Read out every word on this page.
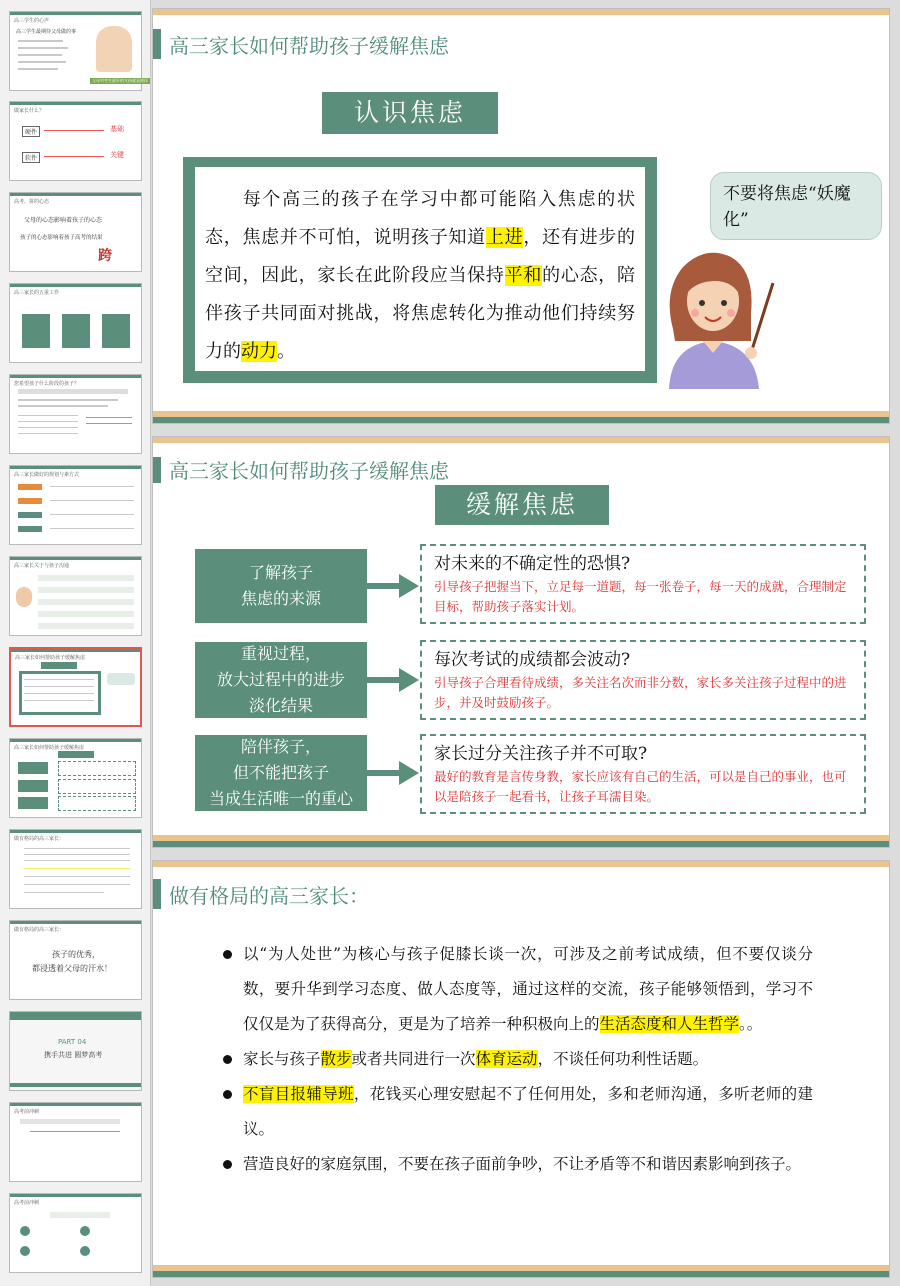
高三学生的心声
高三学生最期待父母做的事
父母对考生最好的支持就是陪伴
做家长什么？
硬件
软件
基础
关键
高考、拼的心态
父母的心态影响着孩子的心态
孩子的心态影响着孩子高考的结果
跨
高三家长的五重工作
您希望孩子什么阶段的孩子？
高三家长做好的规划与素方式
高三家长关于与孩子沟通
高三家长如何帮助孩子缓解焦虑
高三家长如何帮助孩子缓解焦虑
做有格局的高三家长：
做有格局的高三家长：
孩子的优秀，
都浸透着父母的汗水！
PART 04
携手共进 圆梦高考
高考前冲刺
高考前冲刺
高三家长如何帮助孩子缓解焦虑
认识焦虑
每个高三的孩子在学习中都可能陷入焦虑的状态，焦虑并不可怕，说明孩子知道上进，还有进步的空间，因此，家长在此阶段应当保持平和的心态，陪伴孩子共同面对挑战，将焦虑转化为推动他们持续努力的动力。
不要将焦虑“妖魔化”
高三家长如何帮助孩子缓解焦虑
缓解焦虑
了解孩子
焦虑的来源
对未来的不确定性的恐惧?
引导孩子把握当下，立足每一道题，每一张卷子，每一天的成就，合理制定目标，帮助孩子落实计划。
重视过程，
放大过程中的进步
淡化结果
每次考试的成绩都会波动?
引导孩子合理看待成绩，多关注名次而非分数，家长多关注孩子过程中的进步，并及时鼓励孩子。
陪伴孩子，
但不能把孩子
当成生活唯一的重心
家长过分关注孩子并不可取?
最好的教育是言传身教，家长应该有自己的生活，可以是自己的事业，也可以是陪孩子一起看书，让孩子耳濡目染。
做有格局的高三家长：
以“为人处世”为核心与孩子促膝长谈一次，可涉及之前考试成绩，但不要仅谈分数，要升华到学习态度、做人态度等，通过这样的交流，孩子能够领悟到，学习不仅仅是为了获得高分，更是为了培养一种积极向上的生活态度和人生哲学。。
家长与孩子散步或者共同进行一次体育运动，不谈任何功利性话题。
不盲目报辅导班，花钱买心理安慰起不了任何用处，多和老师沟通，多听老师的建议。
营造良好的家庭氛围，不要在孩子面前争吵，不让矛盾等不和谐因素影响到孩子。
